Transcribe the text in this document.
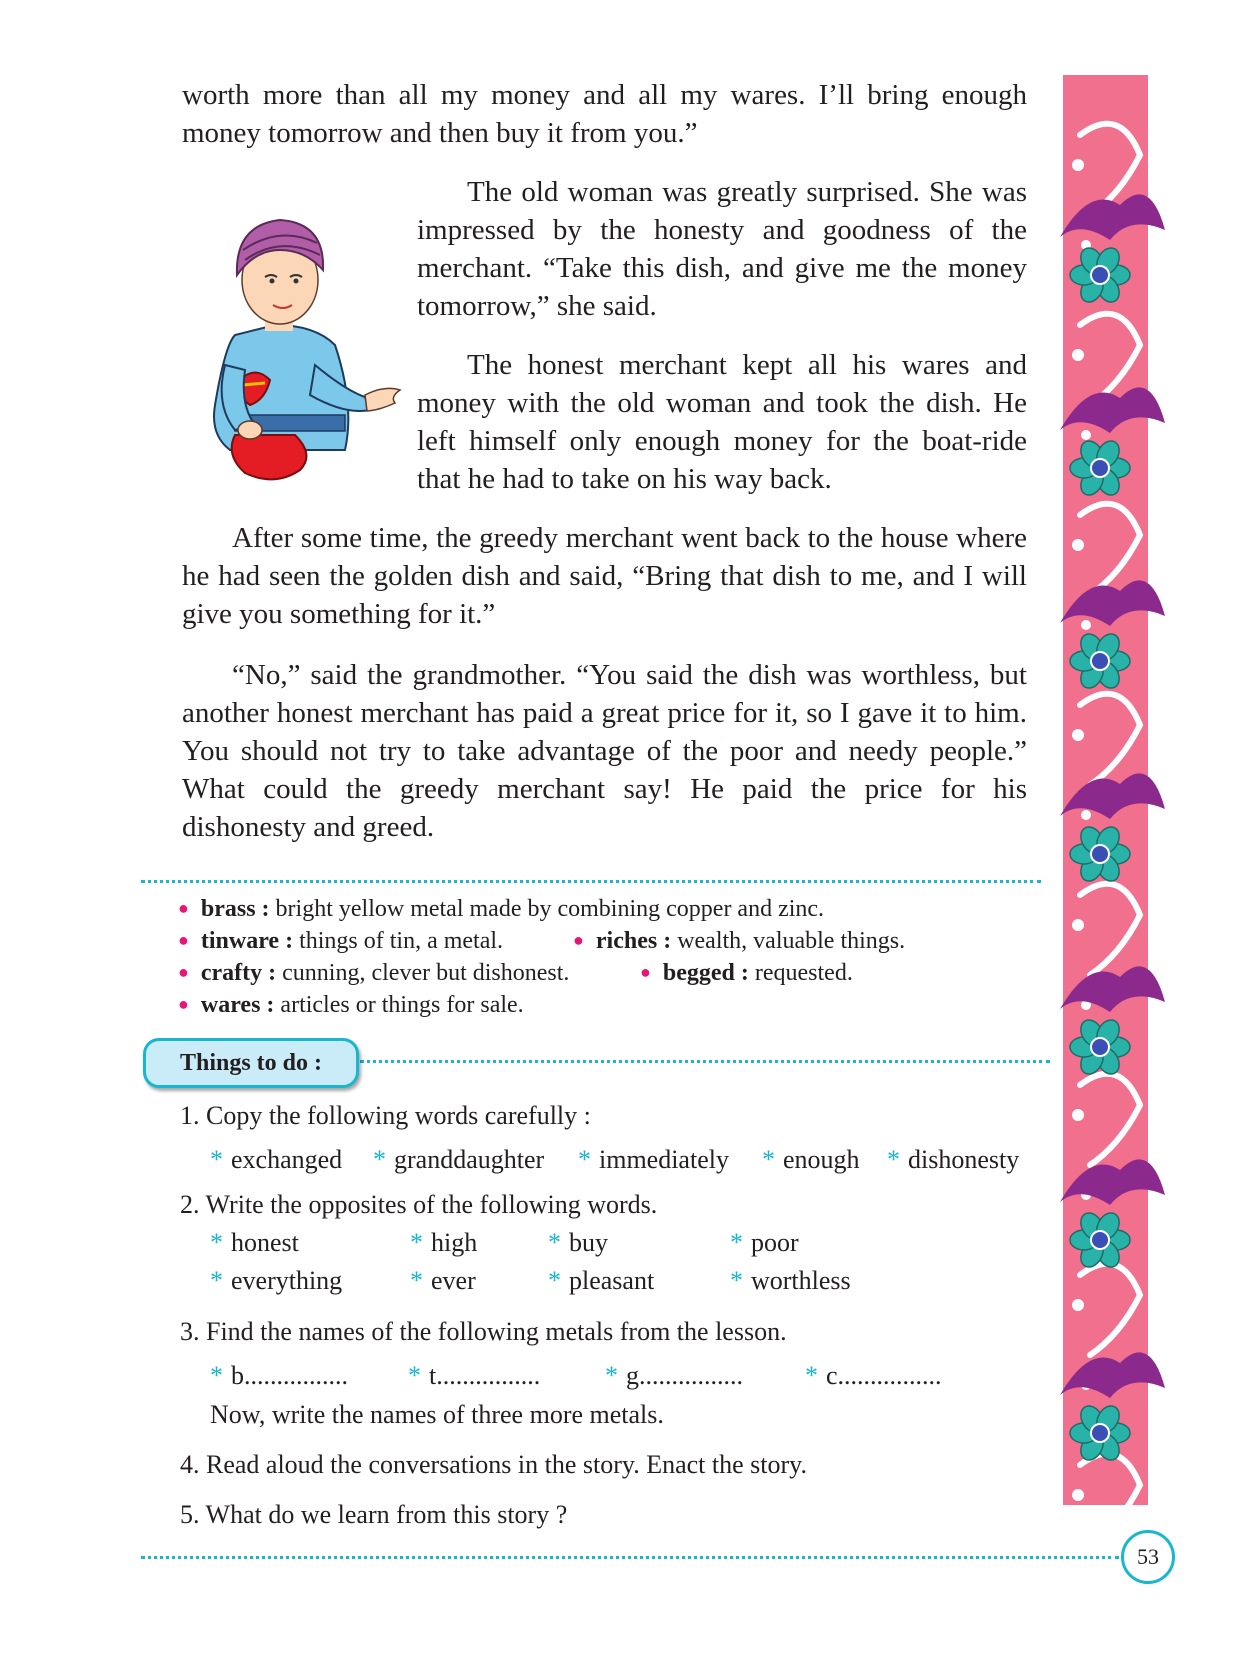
worth more than all my money and all my wares. I’ll bring enough money tomorrow and then buy it from you.”

The old woman was greatly surprised. She was impressed by the honesty and goodness of the merchant. “Take this dish, and give me the money tomorrow,” she said.

The honest merchant kept all his wares and money with the old woman and took the dish. He left himself only enough money for the boat-ride that he had to take on his way back.

After some time, the greedy merchant went back to the house where he had seen the golden dish and said, “Bring that dish to me, and I will give you something for it.”

“No,” said the grandmother. “You said the dish was worthless, but another honest merchant has paid a great price for it, so I gave it to him. You should not try to take advantage of the poor and needy people.” What could the greedy merchant say! He paid the price for his dishonesty and greed.

● brass : bright yellow metal made by combining copper and zinc.
● tinware : things of tin, a metal.	● riches : wealth, valuable things.
● crafty : cunning, clever but dishonest.	● begged : requested.
● wares : articles or things for sale.
Things to do :
1. Copy the following words carefully :
* exchanged * granddaughter * immediately * enough * dishonesty
2. Write the opposites of the following words.
* honest	* high	* buy	* poor
* everything	* ever	* pleasant	* worthless
3. Find the names of the following metals from the lesson.
* b................ * t................ * g................ * c................
Now, write the names of three more metals.
4. Read aloud the conversations in the story. Enact the story.
5. What do we learn from this story ?
53
